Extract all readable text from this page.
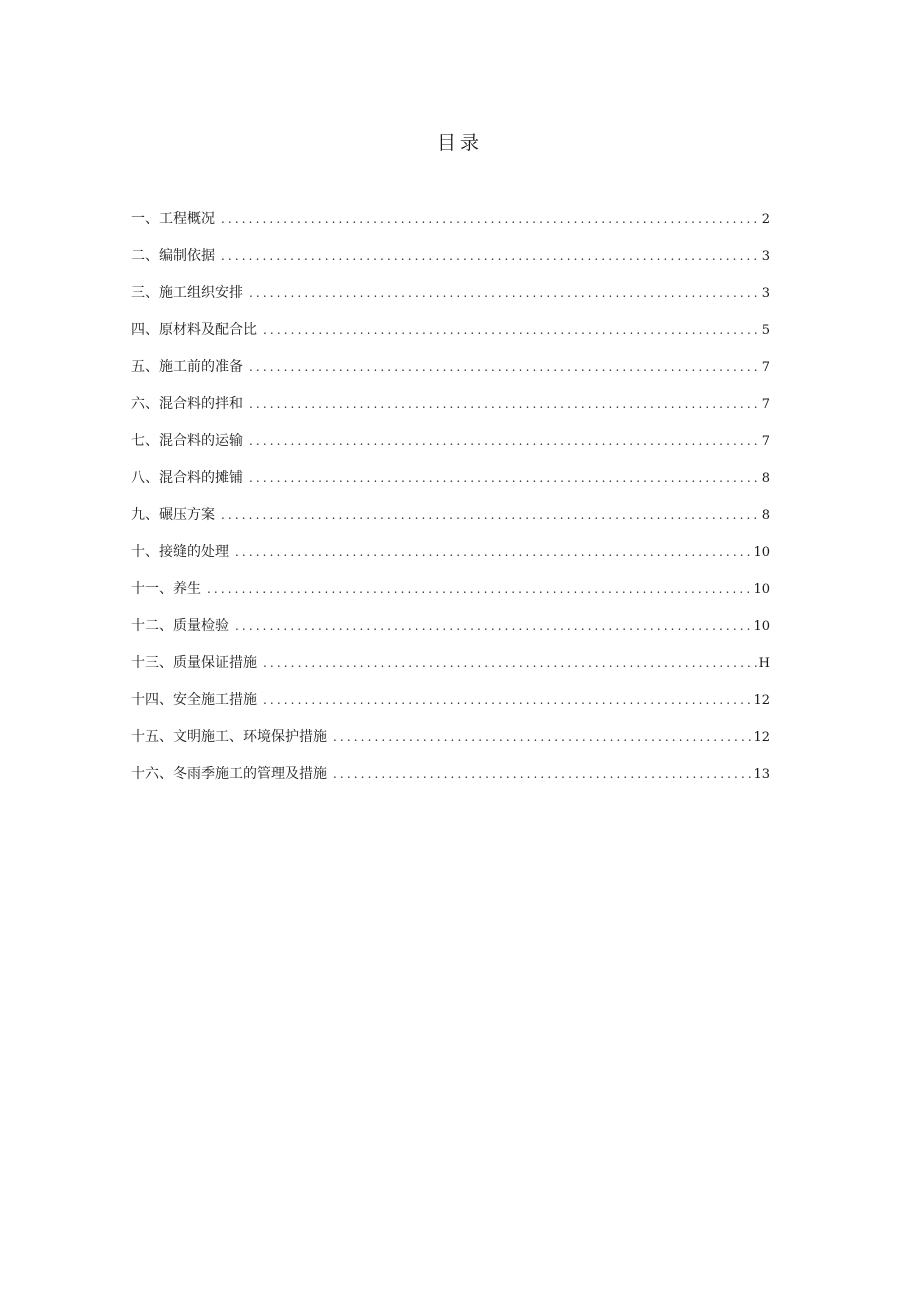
目录
一、工程概况 .....	2
二、编制依据 .....	3
三、施工组织安排 .....	3
四、原材料及配合比 .....	5
五、施工前的准备 .....	7
六、混合料的拌和 .....	7
七、混合料的运输 .....	7
八、混合料的摊铺 .....	8
九、碾压方案 .....	8
十、接缝的处理 .....	10
十一、养生 .....	10
十二、质量检验 .....	10
十三、质量保证措施 .....	H
十四、安全施工措施 .....	12
十五、文明施工、环境保护措施 .....	12
十六、冬雨季施工的管理及措施 .....	13
